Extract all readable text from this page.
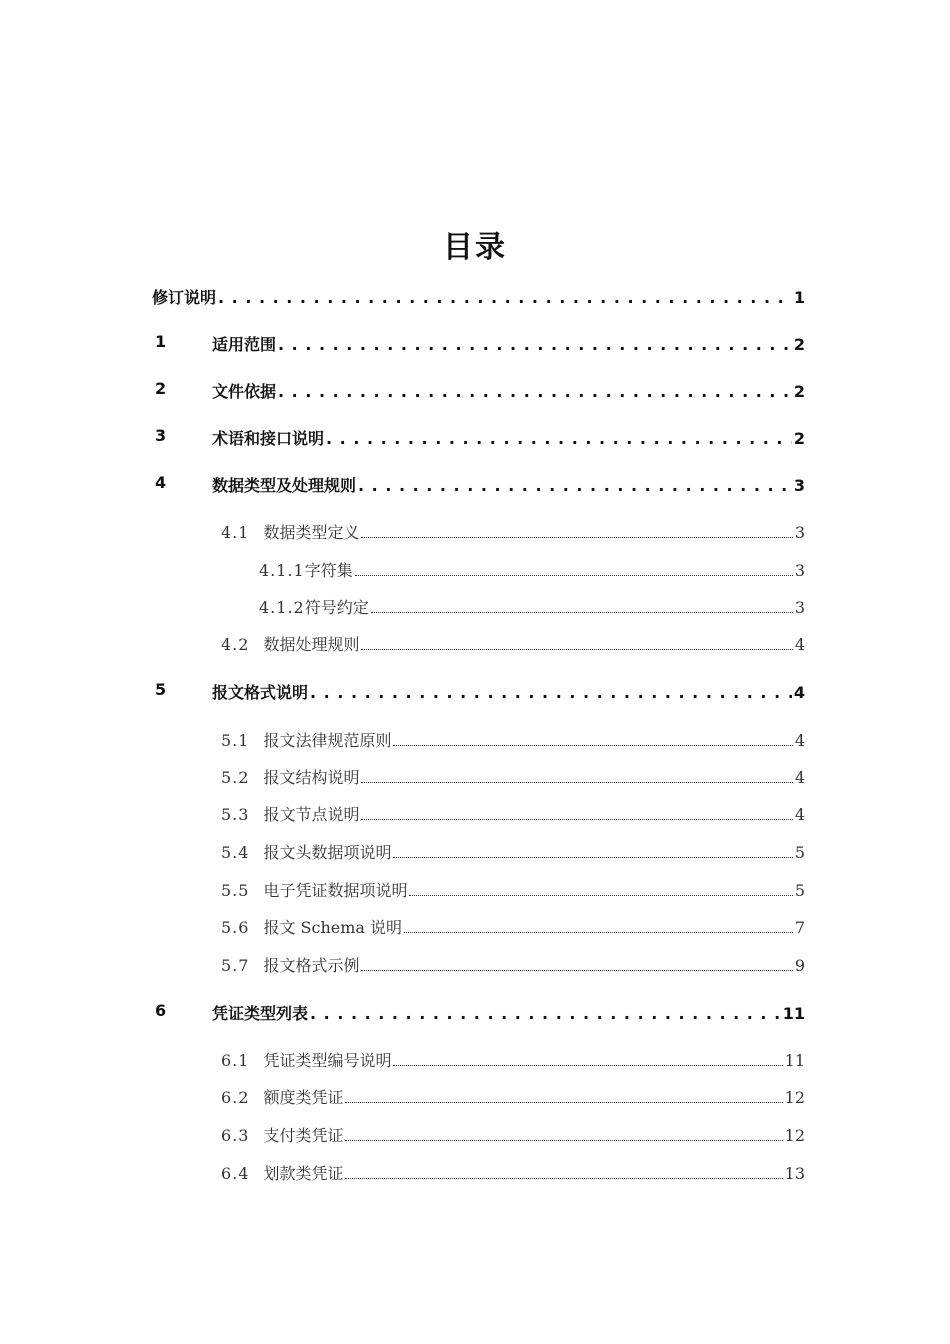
目录
修订说明 . . .	1
1	适用范围 . . .	2
2	文件依据 . . .	2
3	术语和接口说明 . . .	2
4	数据类型及处理规则 . . .	3
4.1 数据类型定义	3
4.1.1 字符集	3
4.1.2 符号约定	3
4.2 数据处理规则	4
5	报文格式说明 . . .	4
5.1 报文法律规范原则	4
5.2 报文结构说明	4
5.3 报文节点说明	4
5.4 报文头数据项说明	5
5.5 电子凭证数据项说明	5
5.6 报文 Schema 说明	7
5.7 报文格式示例	9
6	凭证类型列表 . . .	11
6.1 凭证类型编号说明	11
6.2 额度类凭证	12
6.3 支付类凭证	12
6.4 划款类凭证	13
